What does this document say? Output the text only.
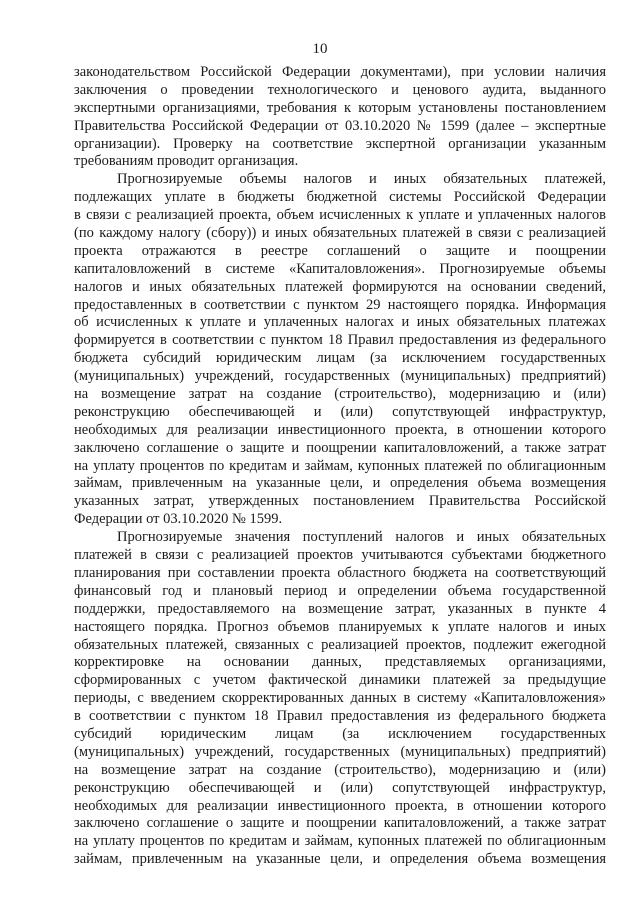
10
законодательством Российской Федерации документами), при условии наличия
заключения о проведении технологического и ценового аудита, выданного
экспертными организациями, требования к которым установлены постановлением
Правительства Российской Федерации от 03.10.2020 № 1599 (далее – экспертные
организации). Проверку на соответствие экспертной организации указанным
требованиям проводит организация.
Прогнозируемые объемы налогов и иных обязательных платежей,
подлежащих уплате в бюджеты бюджетной системы Российской Федерации
в связи с реализацией проекта, объем исчисленных к уплате и уплаченных налогов
(по каждому налогу (сбору)) и иных обязательных платежей в связи с реализацией
проекта отражаются в реестре соглашений о защите и поощрении
капиталовложений в системе «Капиталовложения». Прогнозируемые объемы
налогов и иных обязательных платежей формируются на основании сведений,
предоставленных в соответствии с пунктом 29 настоящего порядка. Информация
об исчисленных к уплате и уплаченных налогах и иных обязательных платежах
формируется в соответствии с пунктом 18 Правил предоставления из федерального
бюджета субсидий юридическим лицам (за исключением государственных
(муниципальных) учреждений, государственных (муниципальных) предприятий)
на возмещение затрат на создание (строительство), модернизацию и (или)
реконструкцию обеспечивающей и (или) сопутствующей инфраструктур,
необходимых для реализации инвестиционного проекта, в отношении которого
заключено соглашение о защите и поощрении капиталовложений, а также затрат
на уплату процентов по кредитам и займам, купонных платежей по облигационным
займам, привлеченным на указанные цели, и определения объема возмещения
указанных затрат, утвержденных постановлением Правительства Российской
Федерации от 03.10.2020 № 1599.
Прогнозируемые значения поступлений налогов и иных обязательных
платежей в связи с реализацией проектов учитываются субъектами бюджетного
планирования при составлении проекта областного бюджета на соответствующий
финансовый год и плановый период и определении объема государственной
поддержки, предоставляемого на возмещение затрат, указанных в пункте 4
настоящего порядка. Прогноз объемов планируемых к уплате налогов и иных
обязательных платежей, связанных с реализацией проектов, подлежит ежегодной
корректировке на основании данных, представляемых организациями,
сформированных с учетом фактической динамики платежей за предыдущие
периоды, с введением скорректированных данных в систему «Капиталовложения»
в соответствии с пунктом 18 Правил предоставления из федерального бюджета
субсидий юридическим лицам (за исключением государственных
(муниципальных) учреждений, государственных (муниципальных) предприятий)
на возмещение затрат на создание (строительство), модернизацию и (или)
реконструкцию обеспечивающей и (или) сопутствующей инфраструктур,
необходимых для реализации инвестиционного проекта, в отношении которого
заключено соглашение о защите и поощрении капиталовложений, а также затрат
на уплату процентов по кредитам и займам, купонных платежей по облигационным
займам, привлеченным на указанные цели, и определения объема возмещения
